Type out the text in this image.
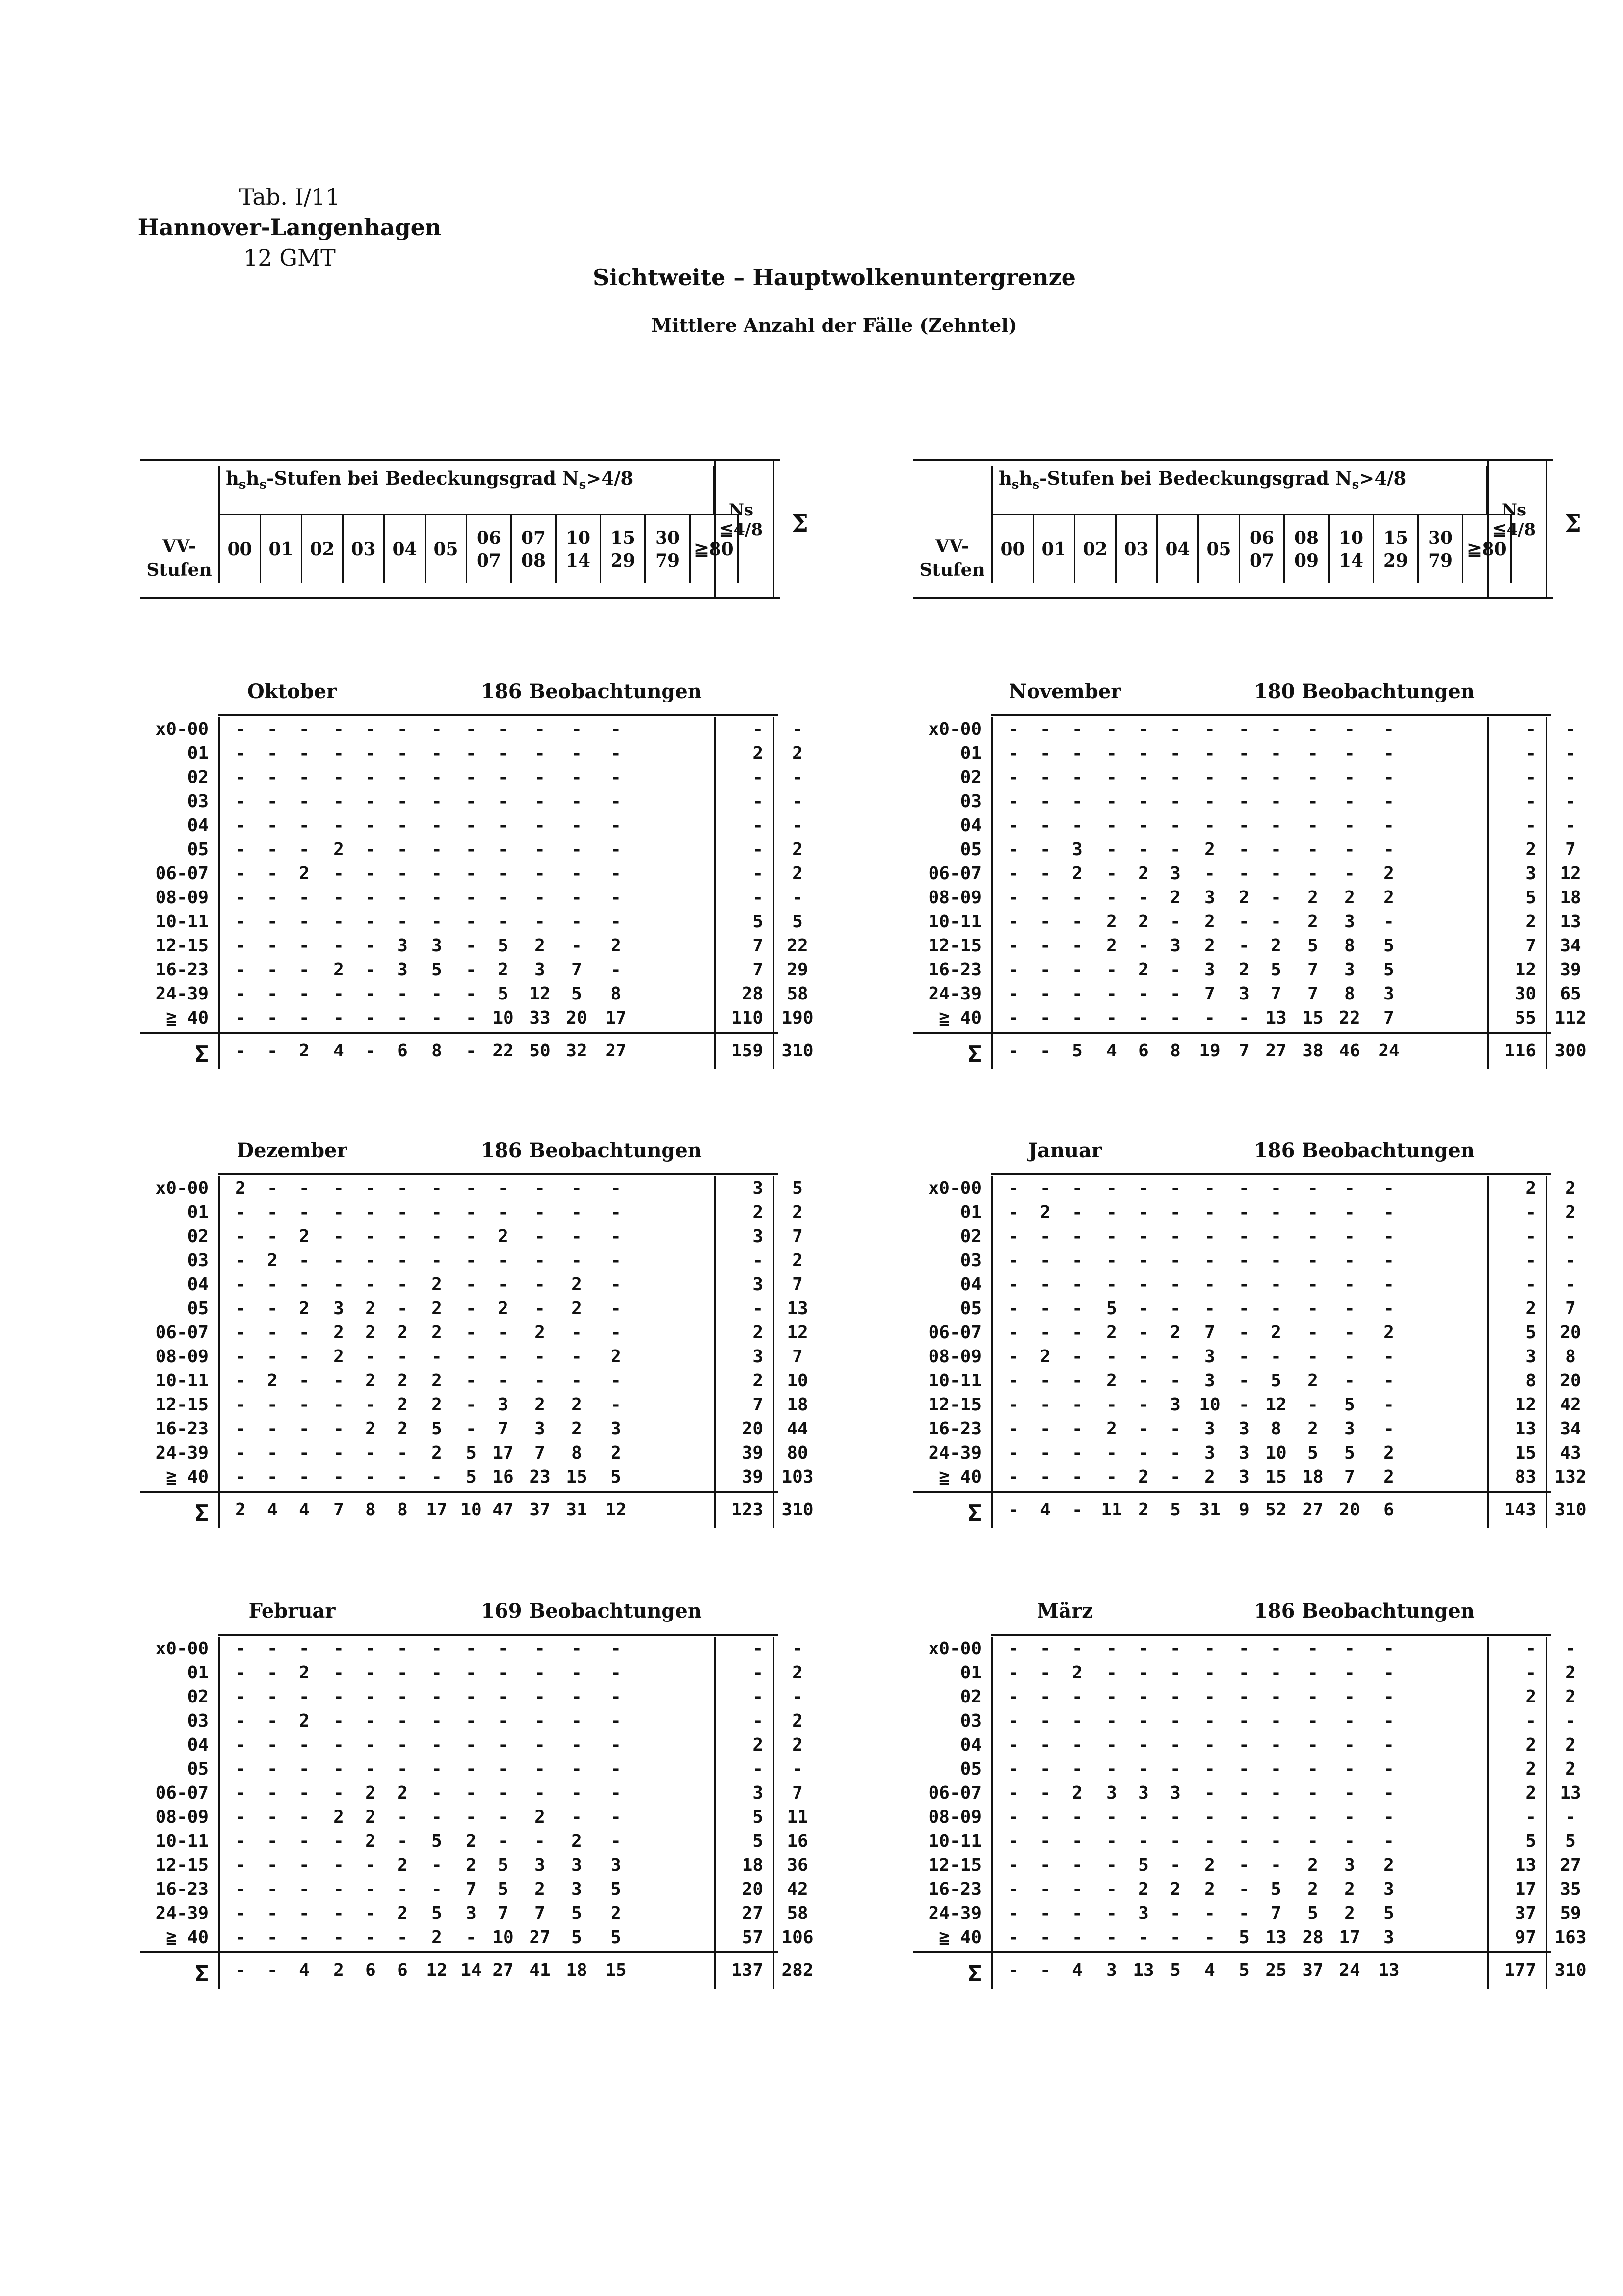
Tab. I/11
Hannover-Langenhagen
12 GMT
Sichtweite – Hauptwolkenuntergrenze
Mittlere Anzahl der Fälle (Zehntel)
$h_sh_s$-Stufen bei Bedeckungsgrad $N_s>4/8$
VV-
Stufen
00 01 02 03 04 05
06 07
07 08
10 14
15 29
30 79
≧80
Ns
≦4/8	Σ
$h_sh_s$-Stufen bei Bedeckungsgrad $N_s>4/8$
VV-
Stufen
00 01 02 03 04 05
06 07
08 09
10 14
15 29
30 79
≧80
Ns
≦4/8	Σ
Oktober	186 Beobachtungen
x0-00	-	-	-	-	-	-	-	-	-	-	-	-	-	-
01	-	-	-	-	-	-	-	-	-	-	-	-	2	2
02	-	-	-	-	-	-	-	-	-	-	-	-	-	-
03	-	-	-	-	-	-	-	-	-	-	-	-	-	-
04	-	-	-	-	-	-	-	-	-	-	-	-	-	-
05	-	-	-	2	-	-	-	-	-	-	-	-	-	2
06-07	-	-	2	-	-	-	-	-	-	-	-	-	-	2
08-09	-	-	-	-	-	-	-	-	-	-	-	-	-	-
10-11	-	-	-	-	-	-	-	-	-	-	-	-	5	5
12-15	-	-	-	-	-	3	3	-	5	2	-	2	7	22
16-23	-	-	-	2	-	3	5	-	2	3	7	-	7	29
24-39	-	-	-	-	-	-	-	-	5	12	5	8	28	58
≧ 40	-	-	-	-	-	-	-	- 10 33 20 17	110 190
Σ	-	-	2	4	-	6	8	- 22 50 32 27	159 310
November	180 Beobachtungen
x0-00	-	-	-	-	-	-	-	-	-	-	-	-	-	-
01	-	-	-	-	-	-	-	-	-	-	-	-	-	-
02	-	-	-	-	-	-	-	-	-	-	-	-	-	-
03	-	-	-	-	-	-	-	-	-	-	-	-	-	-
04	-	-	-	-	-	-	-	-	-	-	-	-	-	-
05	-	-	3	-	-	-	2	-	-	-	-	-	2	7
06-07	-	-	2	-	2	3	-	-	-	-	-	2	3	12
08-09	-	-	-	-	-	2	3	2	-	2	2	2	5	18
10-11	-	-	-	2	2	-	2	-	-	2	3	-	2	13
12-15	-	-	-	2	-	3	2	-	2	5	8	5	7	34
16-23	-	-	-	-	2	-	3	2	5	7	3	5	12	39
24-39	-	-	-	-	-	-	7	3	7	7	8	3	30	65
≧ 40	-	-	-	-	-	-	-	- 13 15 22	7	55 112
Σ	-	-	5	4	6	8	19	7 27 38 46 24	116 300
Dezember	186 Beobachtungen
x0-00	2	-	-	-	-	-	-	-	-	-	-	-	3	5
01	-	-	-	-	-	-	-	-	-	-	-	-	2	2
02	-	-	2	-	-	-	-	-	2	-	-	-	3	7
03	-	2	-	-	-	-	-	-	-	-	-	-	-	2
04	-	-	-	-	-	-	2	-	-	-	2	-	3	7
05	-	-	2	3	2	-	2	-	2	-	2	-	-	13
06-07	-	-	-	2	2	2	2	-	-	2	-	-	2	12
08-09	-	-	-	2	-	-	-	-	-	-	-	2	3	7
10-11	-	2	-	-	2	2	2	-	-	-	-	-	2	10
12-15	-	-	-	-	-	2	2	-	3	2	2	-	7	18
16-23	-	-	-	-	2	2	5	-	7	3	2	3	20	44
24-39	-	-	-	-	-	-	2	5 17	7	8	2	39	80
≧ 40	-	-	-	-	-	-	-	5 16 23 15	5	39 103
Σ	2	4	4	7	8	8	17 10 47 37 31 12	123 310
Januar	186 Beobachtungen
x0-00	-	-	-	-	-	-	-	-	-	-	-	-	2	2
01	-	2	-	-	-	-	-	-	-	-	-	-	-	2
02	-	-	-	-	-	-	-	-	-	-	-	-	-	-
03	-	-	-	-	-	-	-	-	-	-	-	-	-	-
04	-	-	-	-	-	-	-	-	-	-	-	-	-	-
05	-	-	-	5	-	-	-	-	-	-	-	-	2	7
06-07	-	-	-	2	-	2	7	-	2	-	-	2	5	20
08-09	-	2	-	-	-	-	3	-	-	-	-	-	3	8
10-11	-	-	-	2	-	-	3	-	5	2	-	-	8	20
12-15	-	-	-	-	-	3	10	- 12	-	5	-	12	42
16-23	-	-	-	2	-	-	3	3	8	2	3	-	13	34
24-39	-	-	-	-	-	-	3	3 10	5	5	2	15	43
≧ 40	-	-	-	-	2	-	2	3 15 18	7	2	83 132
Σ	-	4	-	11 2	5	31	9 52 27 20	6	143 310
Februar	169 Beobachtungen
x0-00	-	-	-	-	-	-	-	-	-	-	-	-	-	-
01	-	-	2	-	-	-	-	-	-	-	-	-	-	2
02	-	-	-	-	-	-	-	-	-	-	-	-	-	-
03	-	-	2	-	-	-	-	-	-	-	-	-	-	2
04	-	-	-	-	-	-	-	-	-	-	-	-	2	2
05	-	-	-	-	-	-	-	-	-	-	-	-	-	-
06-07	-	-	-	-	2	2	-	-	-	-	-	-	3	7
08-09	-	-	-	2	2	-	-	-	-	2	-	-	5	11
10-11	-	-	-	-	2	-	5	2	-	-	2	-	5	16
12-15	-	-	-	-	-	2	-	2	5	3	3	3	18	36
16-23	-	-	-	-	-	-	-	7	5	2	3	5	20	42
24-39	-	-	-	-	-	2	5	3	7	7	5	2	27	58
≧ 40	-	-	-	-	-	-	2	- 10 27	5	5	57 106
Σ	-	-	4	2	6	6	12 14 27 41 18 15	137 282
März	186 Beobachtungen
x0-00	-	-	-	-	-	-	-	-	-	-	-	-	-	-
01	-	-	2	-	-	-	-	-	-	-	-	-	-	2
02	-	-	-	-	-	-	-	-	-	-	-	-	2	2
03	-	-	-	-	-	-	-	-	-	-	-	-	-	-
04	-	-	-	-	-	-	-	-	-	-	-	-	2	2
05	-	-	-	-	-	-	-	-	-	-	-	-	2	2
06-07	-	-	2	3	3	3	-	-	-	-	-	-	2	13
08-09	-	-	-	-	-	-	-	-	-	-	-	-	-	-
10-11	-	-	-	-	-	-	-	-	-	-	-	-	5	5
12-15	-	-	-	-	5	-	2	-	-	2	3	2	13	27
16-23	-	-	-	-	2	2	2	-	5	2	2	3	17	35
24-39	-	-	-	-	3	-	-	-	7	5	2	5	37	59
≧ 40	-	-	-	-	-	-	-	5 13 28 17	3	97 163
Σ	-	-	4	3 13 5	4	5 25 37 24 13	177 310
